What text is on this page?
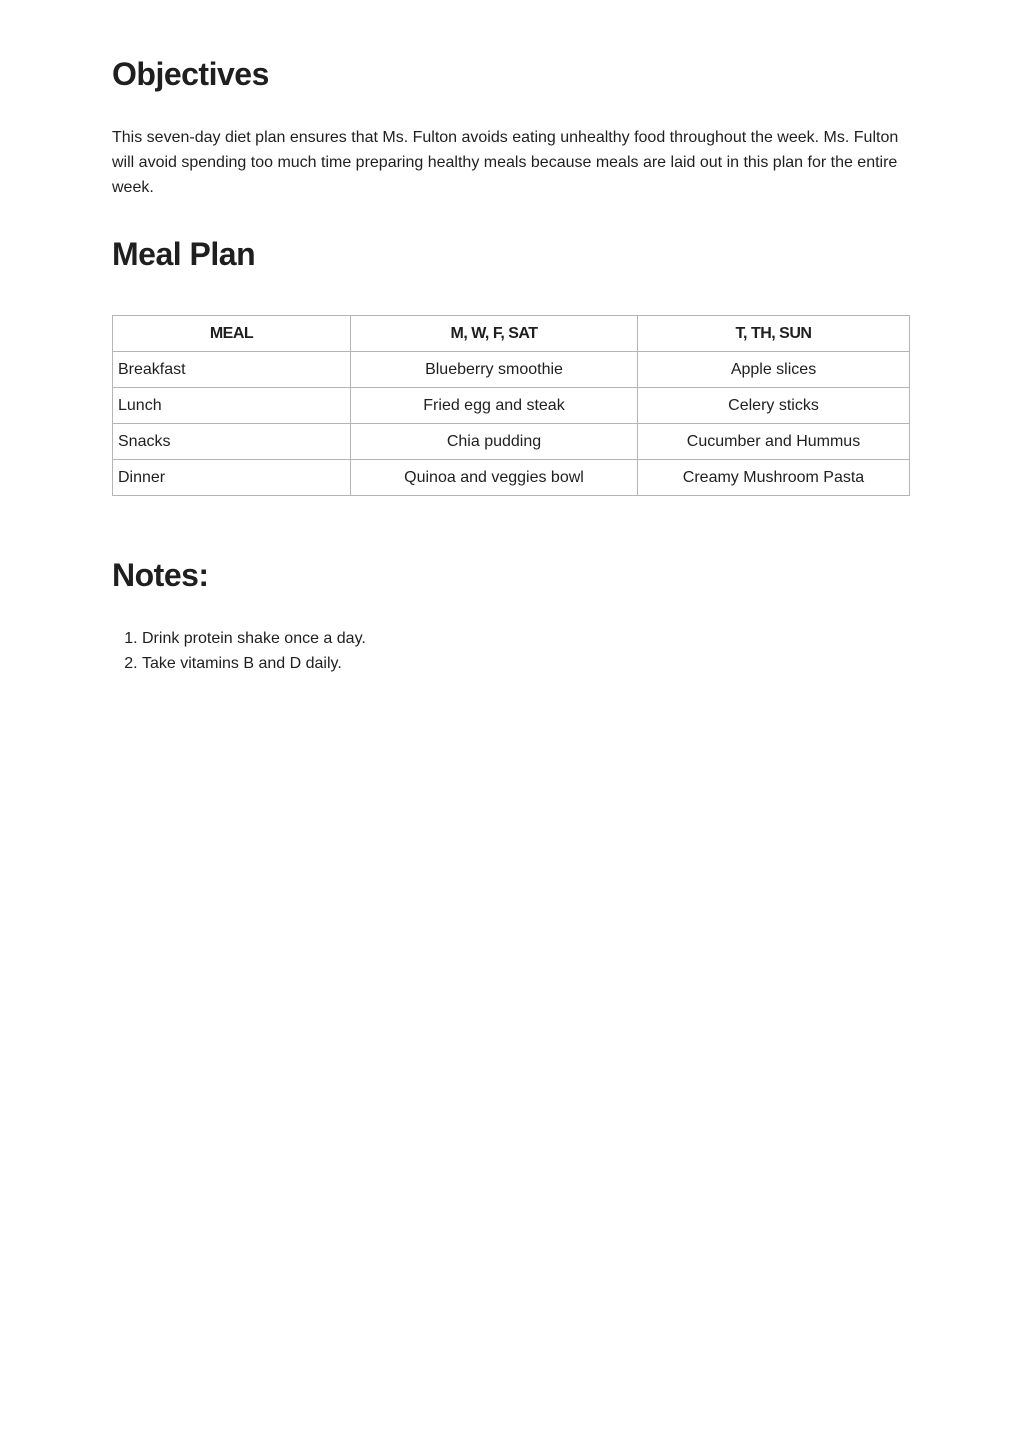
Objectives

This seven-day diet plan ensures that Ms. Fulton avoids eating unhealthy food throughout the week. Ms. Fulton will avoid spending too much time preparing healthy meals because meals are laid out in this plan for the entire week.

Meal Plan
MEAL	M, W, F, SAT	T, TH, SUN
Breakfast	Blueberry smoothie	Apple slices
Lunch	Fried egg and steak	Celery sticks
Snacks	Chia pudding	Cucumber and Hummus
Dinner	Quinoa and veggies bowl	Creamy Mushroom Pasta
Notes:
1. Drink protein shake once a day.
2. Take vitamins B and D daily.
